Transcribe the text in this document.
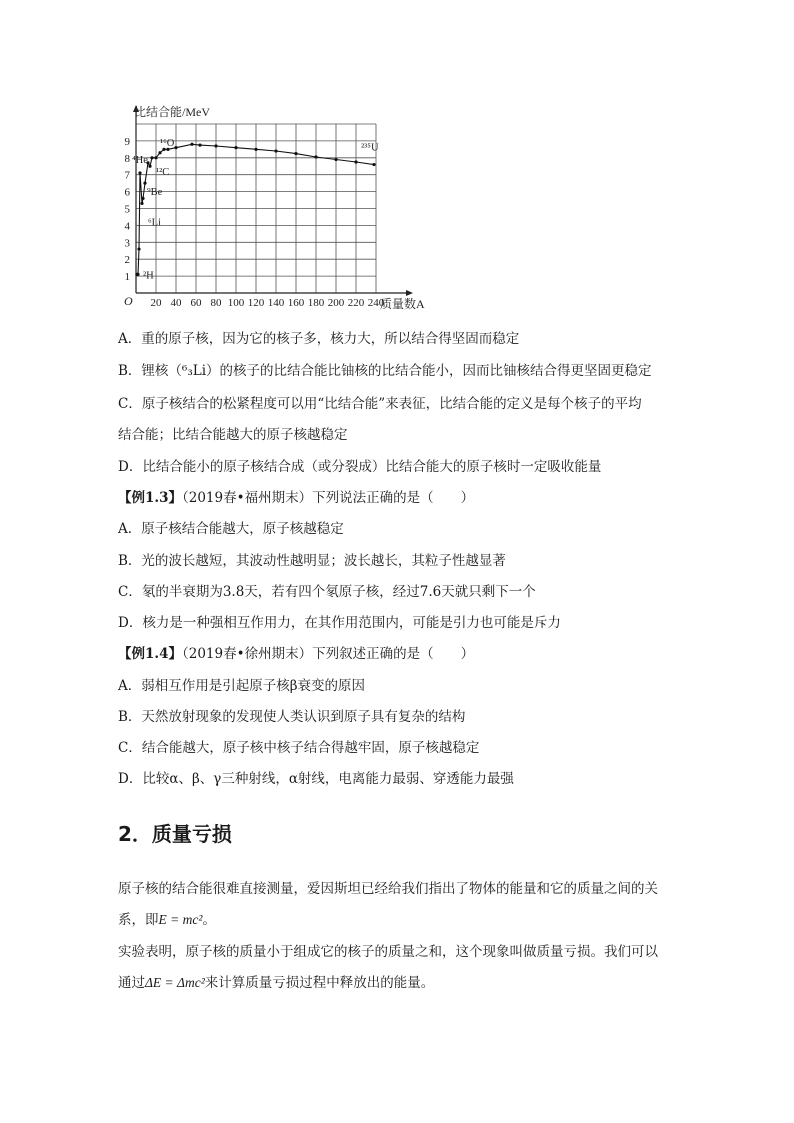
20 40 60 80 100 120 140 160 180 200 220 240
1
2
3
4
5
6
7
8
9
²H
⁴He
¹⁶O
¹²C
⁹Be
⁶Li
²³⁵U
比结合能/MeV
质量数A
O
A．重的原子核，因为它的核子多，核力大，所以结合得坚固而稳定
B．锂核（⁶₃Li）的核子的比结合能比铀核的比结合能小，因而比铀核结合得更坚固更稳定
C．原子核结合的松紧程度可以用“比结合能”来表征，比结合能的定义是每个核子的平均
结合能；比结合能越大的原子核越稳定
D．比结合能小的原子核结合成（或分裂成）比结合能大的原子核时一定吸收能量
【例1.3】（2019春•福州期末）下列说法正确的是（　　）
A．原子核结合能越大，原子核越稳定
B．光的波长越短，其波动性越明显；波长越长，其粒子性越显著
C．氡的半衰期为3.8天，若有四个氡原子核，经过7.6天就只剩下一个
D．核力是一种强相互作用力，在其作用范围内，可能是引力也可能是斥力
【例1.4】（2019春•徐州期末）下列叙述正确的是（　　）
A．弱相互作用是引起原子核β衰变的原因
B．天然放射现象的发现使人类认识到原子具有复杂的结构
C．结合能越大，原子核中核子结合得越牢固，原子核越稳定
D．比较α、β、γ三种射线，α射线，电离能力最弱、穿透能力最强
2．质量亏损
原子核的结合能很难直接测量，爱因斯坦已经给我们指出了物体的能量和它的质量之间的关
系，即E = mc²。
实验表明，原子核的质量小于组成它的核子的质量之和，这个现象叫做质量亏损。我们可以
通过ΔE = Δmc²来计算质量亏损过程中释放出的能量。
